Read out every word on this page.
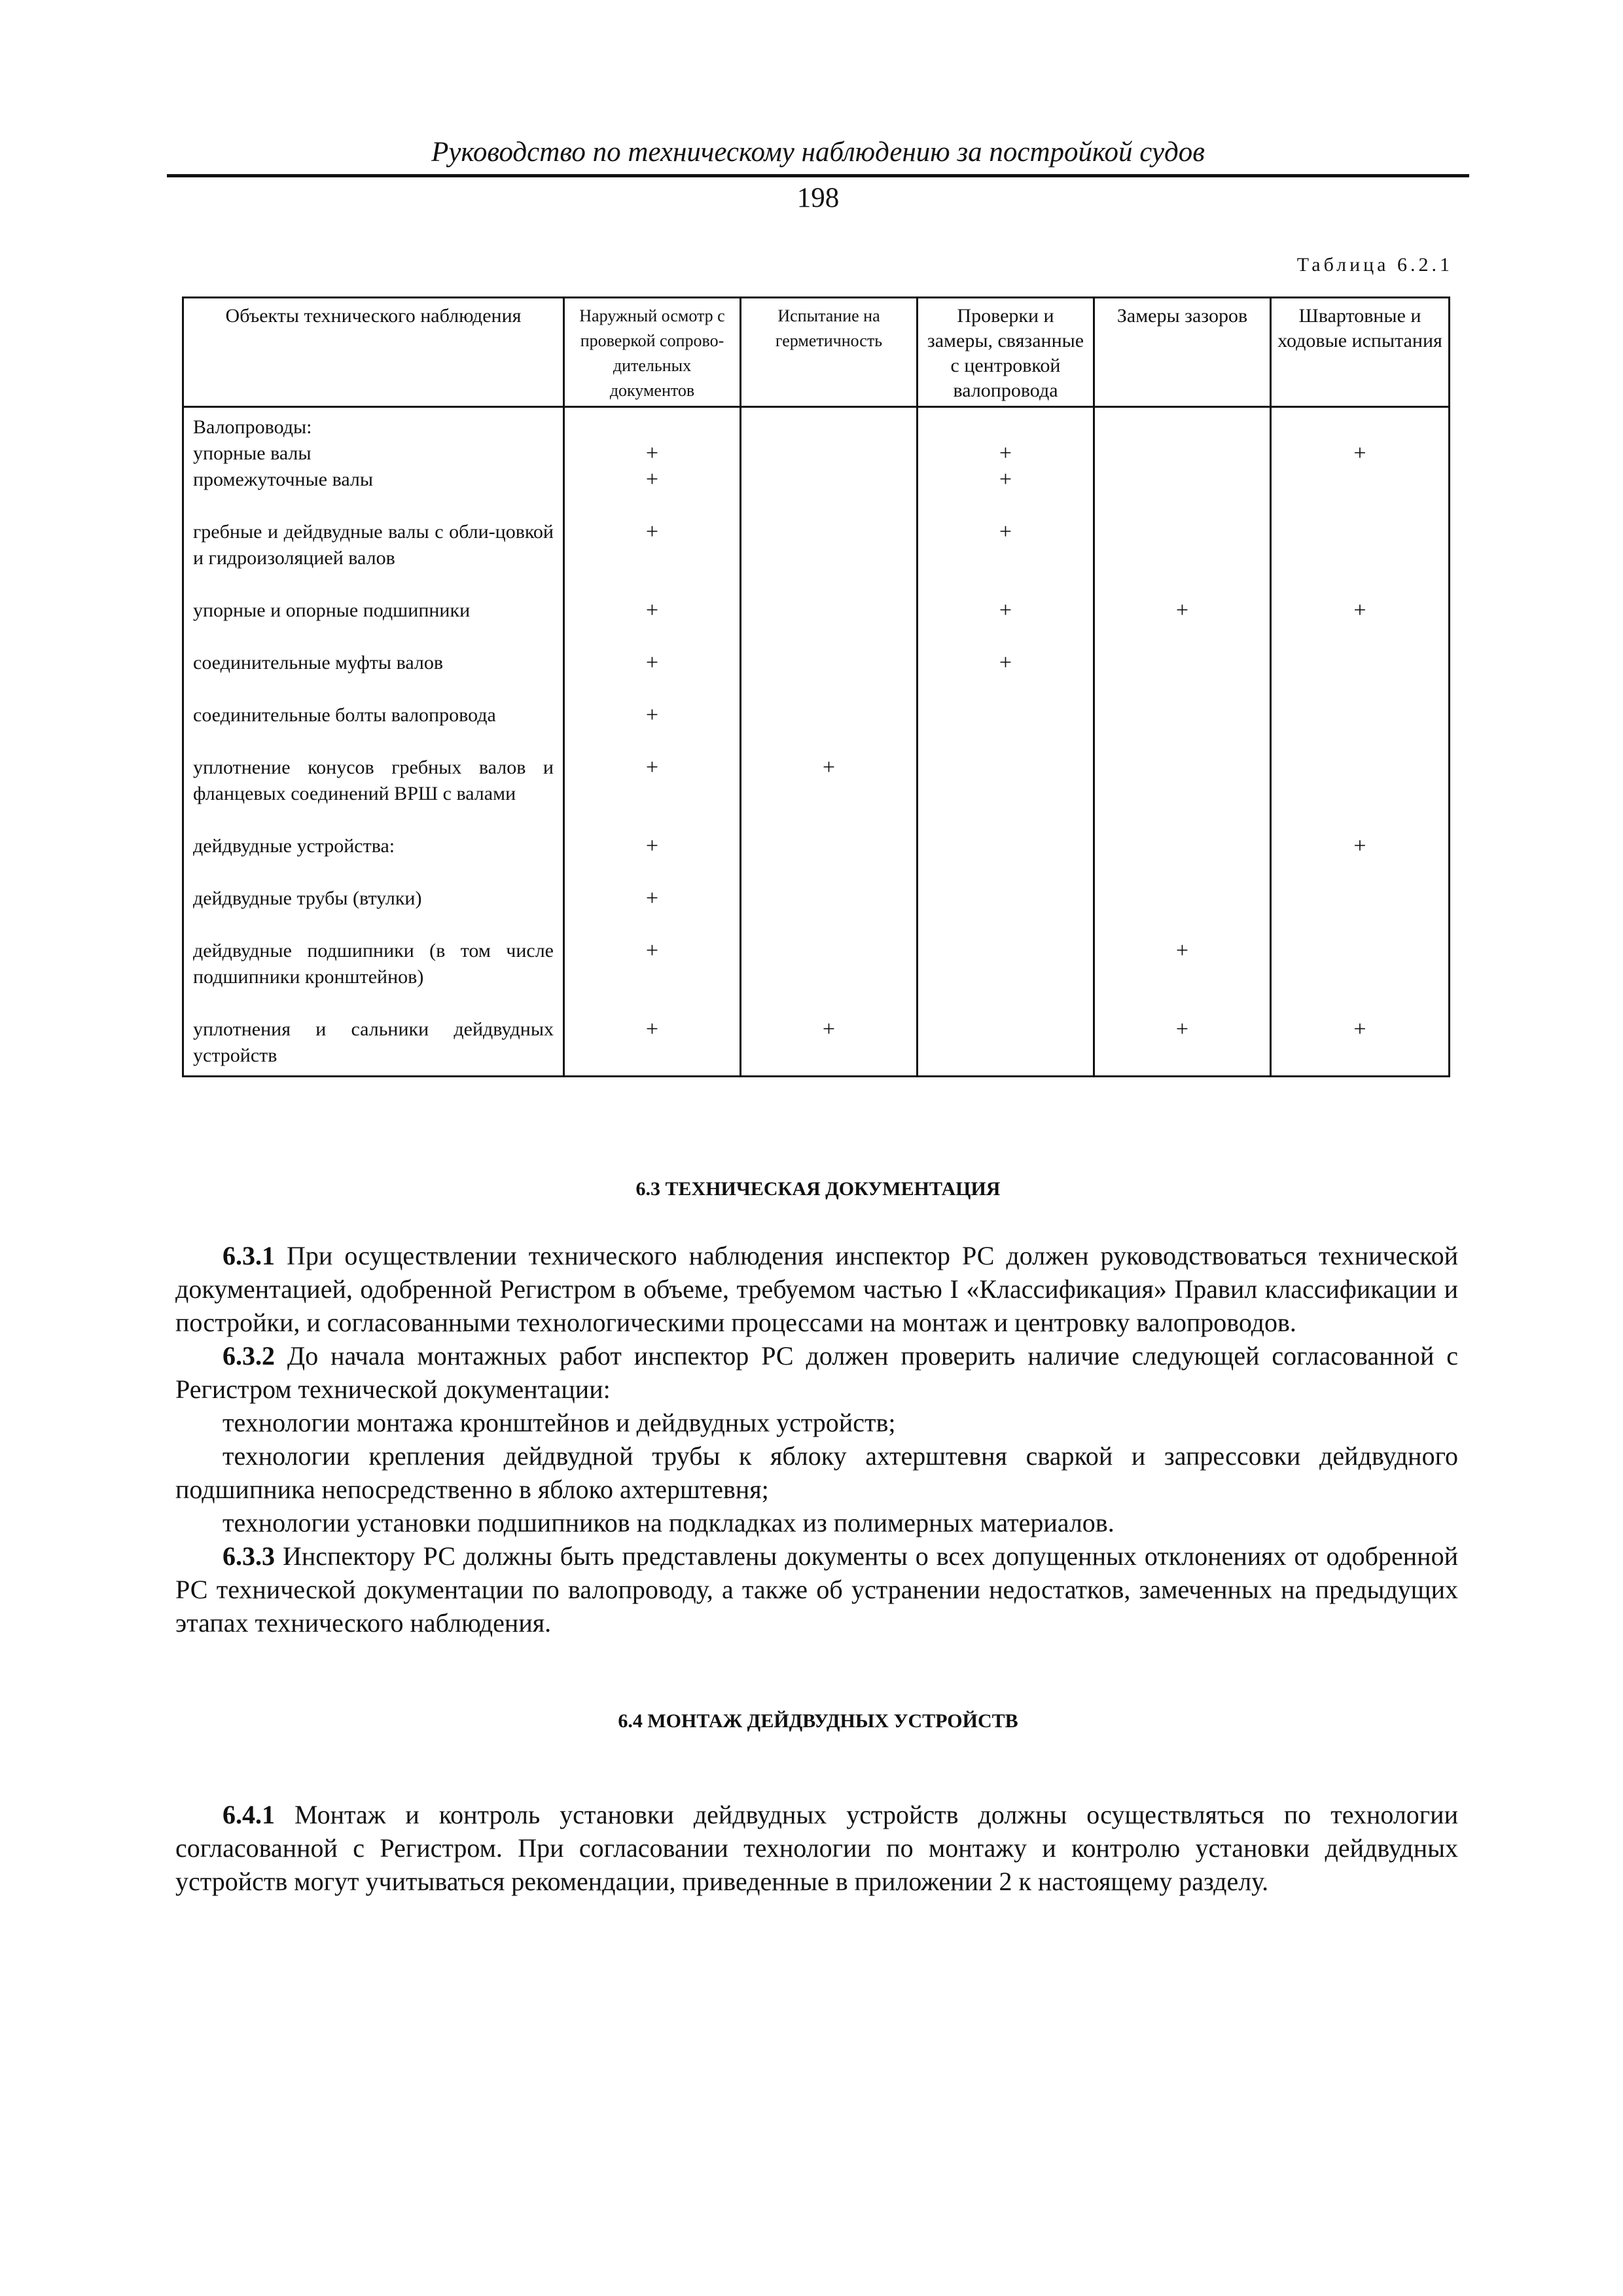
Руководство по техническому наблюдению за постройкой судов
198
Таблица 6.2.1
Объекты технического наблюдения	Наружный осмотр с проверкой сопрово-дительных документов	Испытание на герметичность	Проверки и замеры, связанные с центровкой валопровода	Замеры зазоров	Швартовные и ходовые испытания

Валопроводы:					
упорные валы	+		+		+
промежуточные валы	+		+		

гребные и дейдвудные валы с обли-цовкой и гидроизоляцией валов	+		+		

упорные и опорные подшипники	+		+	+	+

соединительные муфты валов	+		+		

соединительные болты валопровода	+				

уплотнение конусов гребных валов и фланцевых соединений ВРШ с валами	+	+			

дейдвудные устройства:	+				+

дейдвудные трубы (втулки)	+				

дейдвудные подшипники (в том числе подшипники кронштейнов)	+			+	

уплотнения и сальники дейдвудных устройств	+	+		+	+

6.3 ТЕХНИЧЕСКАЯ ДОКУМЕНТАЦИЯ

6.3.1 При осуществлении технического наблюдения инспектор РС должен руководствоваться технической документацией, одобренной Регистром в объеме, требуемом частью I «Классификация» Правил классификации и постройки, и согласованными технологическими процессами на монтаж и центровку валопроводов.

6.3.2 До начала монтажных работ инспектор РС должен проверить наличие следующей согласованной с Регистром технической документации:

технологии монтажа кронштейнов и дейдвудных устройств;

технологии крепления дейдвудной трубы к яблоку ахтерштевня сваркой и запрессовки дейдвудного подшипника непосредственно в яблоко ахтерштевня;

технологии установки подшипников на подкладках из полимерных материалов.

6.3.3 Инспектору РС должны быть представлены документы о всех допущенных отклонениях от одобренной РС технической документации по валопроводу, а также об устранении недостатков, замеченных на предыдущих этапах технического наблюдения.

6.4 МОНТАЖ ДЕЙДВУДНЫХ УСТРОЙСТВ

6.4.1 Монтаж и контроль установки дейдвудных устройств должны осуществляться по технологии согласованной с Регистром. При согласовании технологии по монтажу и контролю установки дейдвудных устройств могут учитываться рекомендации, приведенные в приложении 2 к настоящему разделу.
